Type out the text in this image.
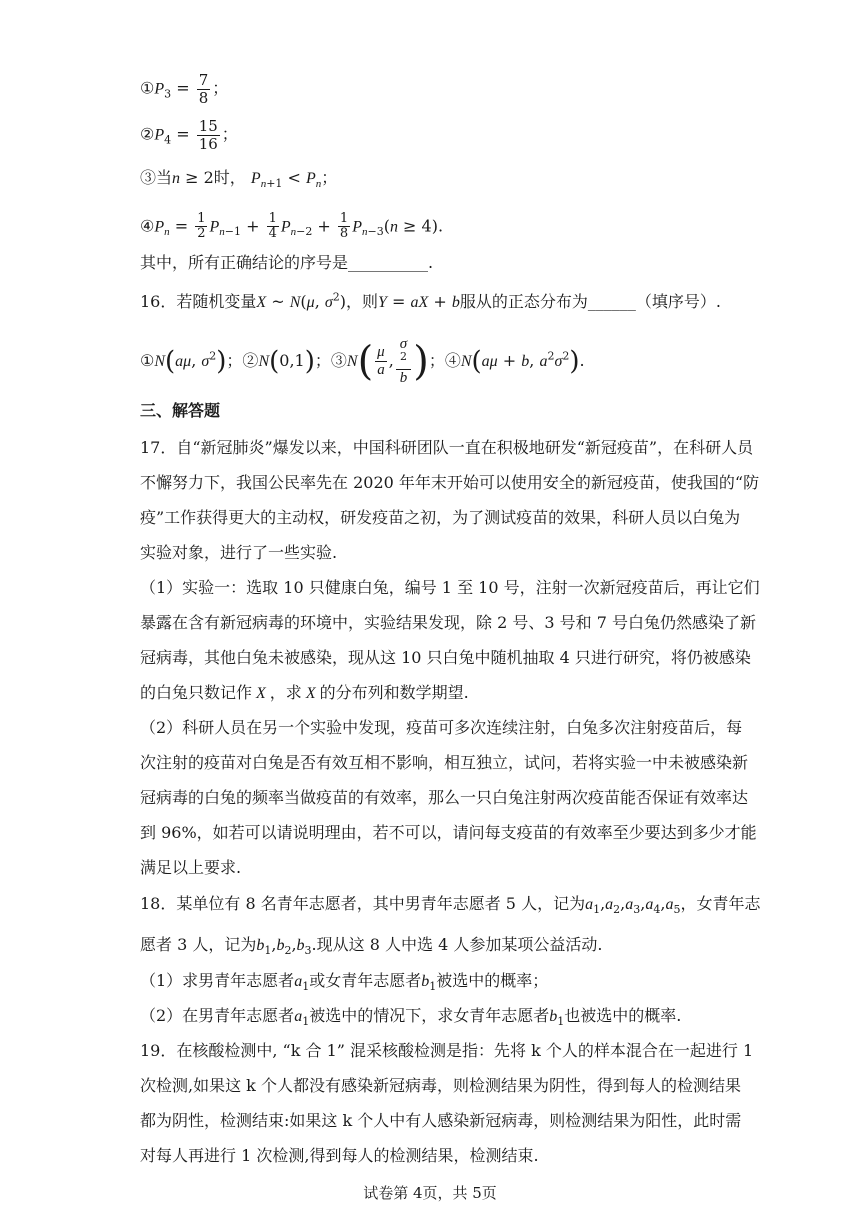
$①P_3 = \frac{7}{8}$ ；
$②P_4 = \frac{15}{16}$ ；
③当n ≥ 2时， $P_{n+1} < P_n$；
$④P_n = \frac{1}{2} P_{n-1} + \frac{1}{4} P_{n-2} + \frac{1}{8} P_{n-3}(n \ge 4)$.
其中，所有正确结论的序号是__________.
16．若随机变量X ~ N(μ, $\sigma^2$)，则Y = aX + b服从的正态分布为______（填序号）.
①N(aμ, $\sigma^2$)；②N(0,1)；③N( $\frac{\mu}{a}$ , σ
$^2$
b )；④N(aμ + b, $a^2\sigma^2$).
三、解答题
17．自“新冠肺炎”爆发以来，中国科研团队一直在积极地研发“新冠疫苗”，在科研人员
不懈努力下，我国公民率先在 2020 年年末开始可以使用安全的新冠疫苗，使我国的“防
疫”工作获得更大的主动权，研发疫苗之初，为了测试疫苗的效果，科研人员以白兔为
实验对象，进行了一些实验.
（1）实验一：选取 10 只健康白兔，编号 1 至 10 号，注射一次新冠疫苗后，再让它们
暴露在含有新冠病毒的环境中，实验结果发现，除 2 号、3 号和 7 号白兔仍然感染了新
冠病毒，其他白兔未被感染，现从这 10 只白兔中随机抽取 4 只进行研究，将仍被感染
的白兔只数记作 X ，求 X 的分布列和数学期望.
（2）科研人员在另一个实验中发现，疫苗可多次连续注射，白兔多次注射疫苗后，每
次注射的疫苗对白兔是否有效互相不影响，相互独立，试问，若将实验一中未被感染新
冠病毒的白兔的频率当做疫苗的有效率，那么一只白兔注射两次疫苗能否保证有效率达
到 96%，如若可以请说明理由，若不可以，请问每支疫苗的有效率至少要达到多少才能
满足以上要求.
18．某单位有 8 名青年志愿者，其中男青年志愿者 5 人，记为$a_1,a_2,a_3,a_4,a_5$，女青年志
愿者 3 人，记为$b_1,b_2,b_3$.现从这 8 人中选 4 人参加某项公益活动.
（1）求男青年志愿者$a_1$或女青年志愿者$b_1$被选中的概率；
（2）在男青年志愿者$a_1$被选中的情况下，求女青年志愿者$b_1$也被选中的概率.
19．在核酸检测中, “k 合 1” 混采核酸检测是指：先将 k 个人的样本混合在一起进行 1
次检测,如果这 k 个人都没有感染新冠病毒，则检测结果为阴性，得到每人的检测结果
都为阴性，检测结束:如果这 k 个人中有人感染新冠病毒，则检测结果为阳性，此时需
对每人再进行 1 次检测,得到每人的检测结果，检测结束.
试卷第 4页，共 5页
